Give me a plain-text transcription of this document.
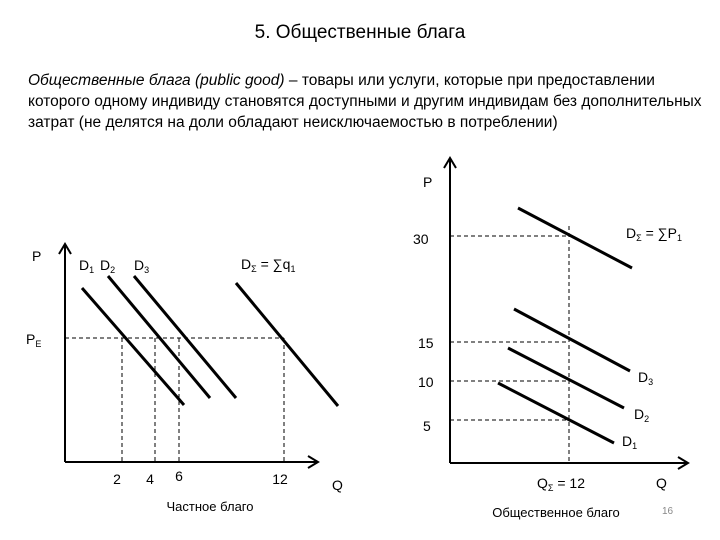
5. Общественные блага
Общественные блага (public good) – товары или услуги, которые при предоставлении которого одному индивиду становятся доступными и другим индивидам без дополнительных затрат (не делятся на доли обладают неисключаемостью в потреблении)
P
$P_E$
$D_1$ $D_2$ $D_3$	$D_\Sigma = \sum q_1$
2 4 6	12	Q
Частное благо
P
30
15
10
5
$D_\Sigma = \sum P_1$
$D_3$
$D_2$
$D_1$
$Q_\Sigma = 12$	Q
Общественное благо	16
